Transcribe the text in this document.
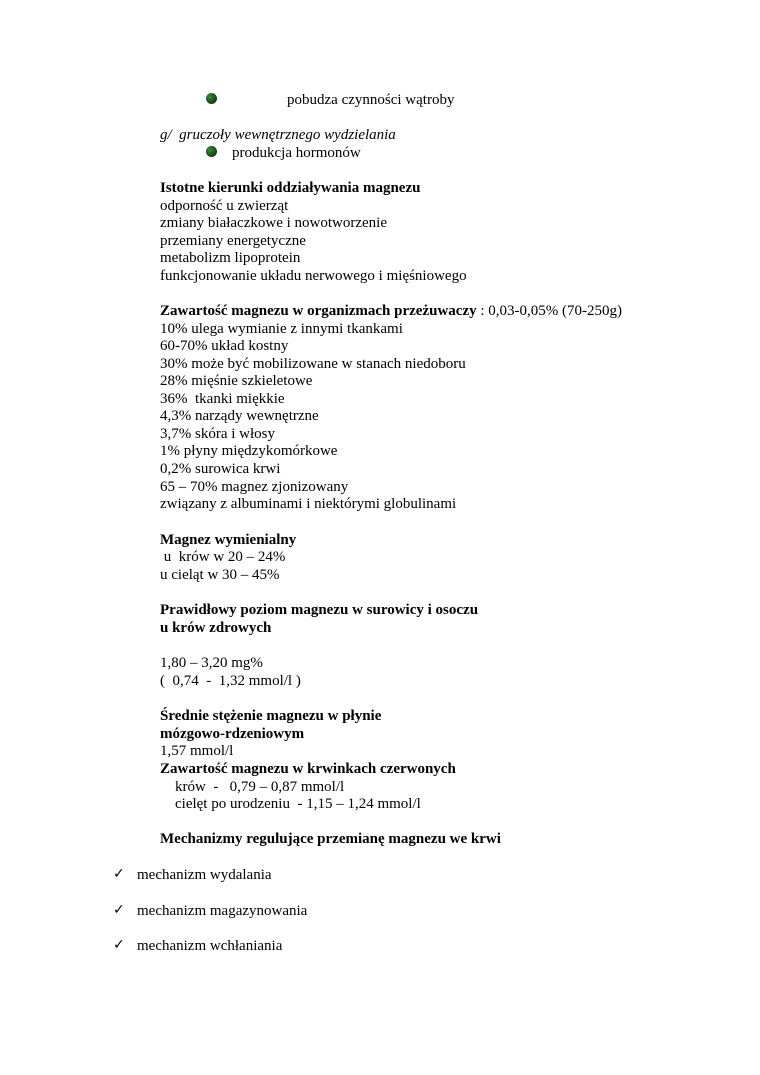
pobudza czynności wątroby
g/  gruczoły wewnętrznego wydzielania
produkcja hormonów
Istotne kierunki oddziaływania magnezu
odporność u zwierząt
zmiany białaczkowe i nowotworzenie
przemiany energetyczne
metabolizm lipoprotein
funkcjonowanie układu nerwowego i mięśniowego
Zawartość magnezu w organizmach przeżuwaczy : 0,03-0,05% (70-250g)
10% ulega wymianie z innymi tkankami
60-70% układ kostny
30% może być mobilizowane w stanach niedoboru
28% mięśnie szkieletowe
36%  tkanki miękkie
4,3% narządy wewnętrzne
3,7% skóra i włosy
1% płyny międzykomórkowe
0,2% surowica krwi
65 – 70% magnez zjonizowany
związany z albuminami i niektórymi globulinami
Magnez wymienialny
u  krów w 20 – 24%
u cieląt w 30 – 45%
Prawidłowy poziom magnezu w surowicy i osoczu
u krów zdrowych
1,80 – 3,20 mg%
(  0,74  -  1,32 mmol/l )
Średnie stężenie magnezu w płynie
mózgowo-rdzeniowym
1,57 mmol/l
Zawartość magnezu w krwinkach czerwonych
krów  -   0,79 – 0,87 mmol/l
cielęt po urodzeniu  - 1,15 – 1,24 mmol/l
Mechanizmy regulujące przemianę magnezu we krwi
✓ mechanizm wydalania
✓ mechanizm magazynowania
✓ mechanizm wchłaniania
